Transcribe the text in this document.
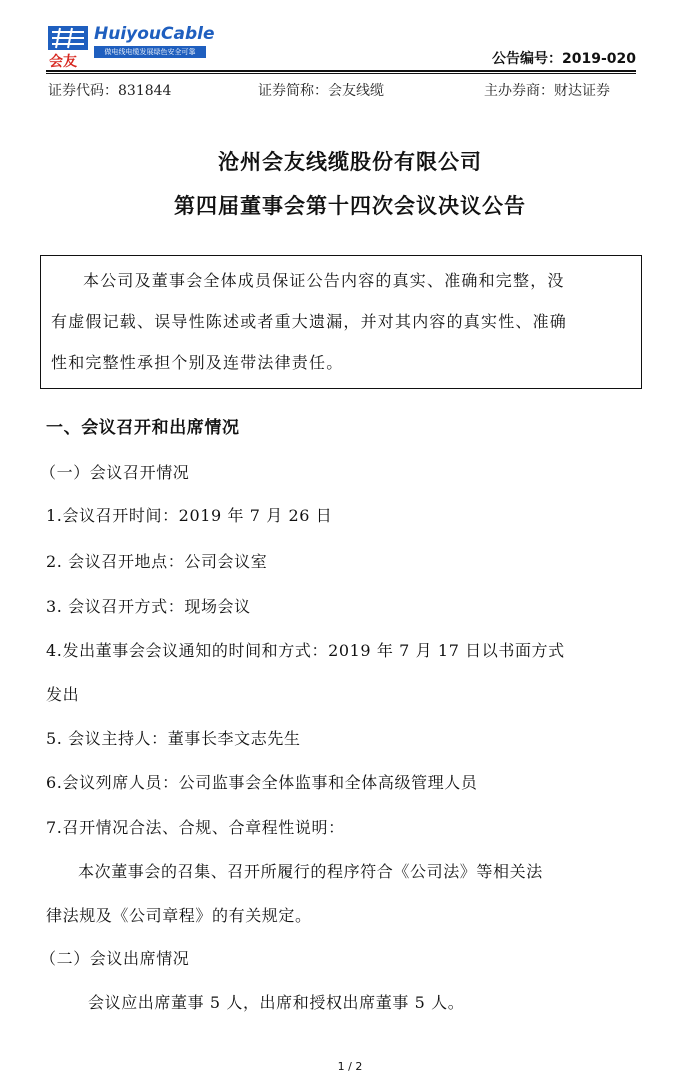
会友
HuiyouCable
做电线电缆发展绿色安全可靠	公告编号：2019-020
证券代码：831844	证券简称：会友线缆	主办券商：财达证券
沧州会友线缆股份有限公司
第四届董事会第十四次会议决议公告

本公司及董事会全体成员保证公告内容的真实、准确和完整，没

有虚假记载、误导性陈述或者重大遗漏，并对其内容的真实性、准确

性和完整性承担个别及连带法律责任。

一、会议召开和出席情况
（一）会议召开情况
1.会议召开时间：2019 年 7 月 26 日
2. 会议召开地点：公司会议室
3. 会议召开方式：现场会议
4.发出董事会会议通知的时间和方式：2019 年 7 月 17 日以书面方式
发出
5. 会议主持人：董事长李文志先生
6.会议列席人员：公司监事会全体监事和全体高级管理人员
7.召开情况合法、合规、合章程性说明：
本次董事会的召集、召开所履行的程序符合《公司法》等相关法
律法规及《公司章程》的有关规定。
（二）会议出席情况
会议应出席董事 5 人，出席和授权出席董事 5 人。
1 / 2
